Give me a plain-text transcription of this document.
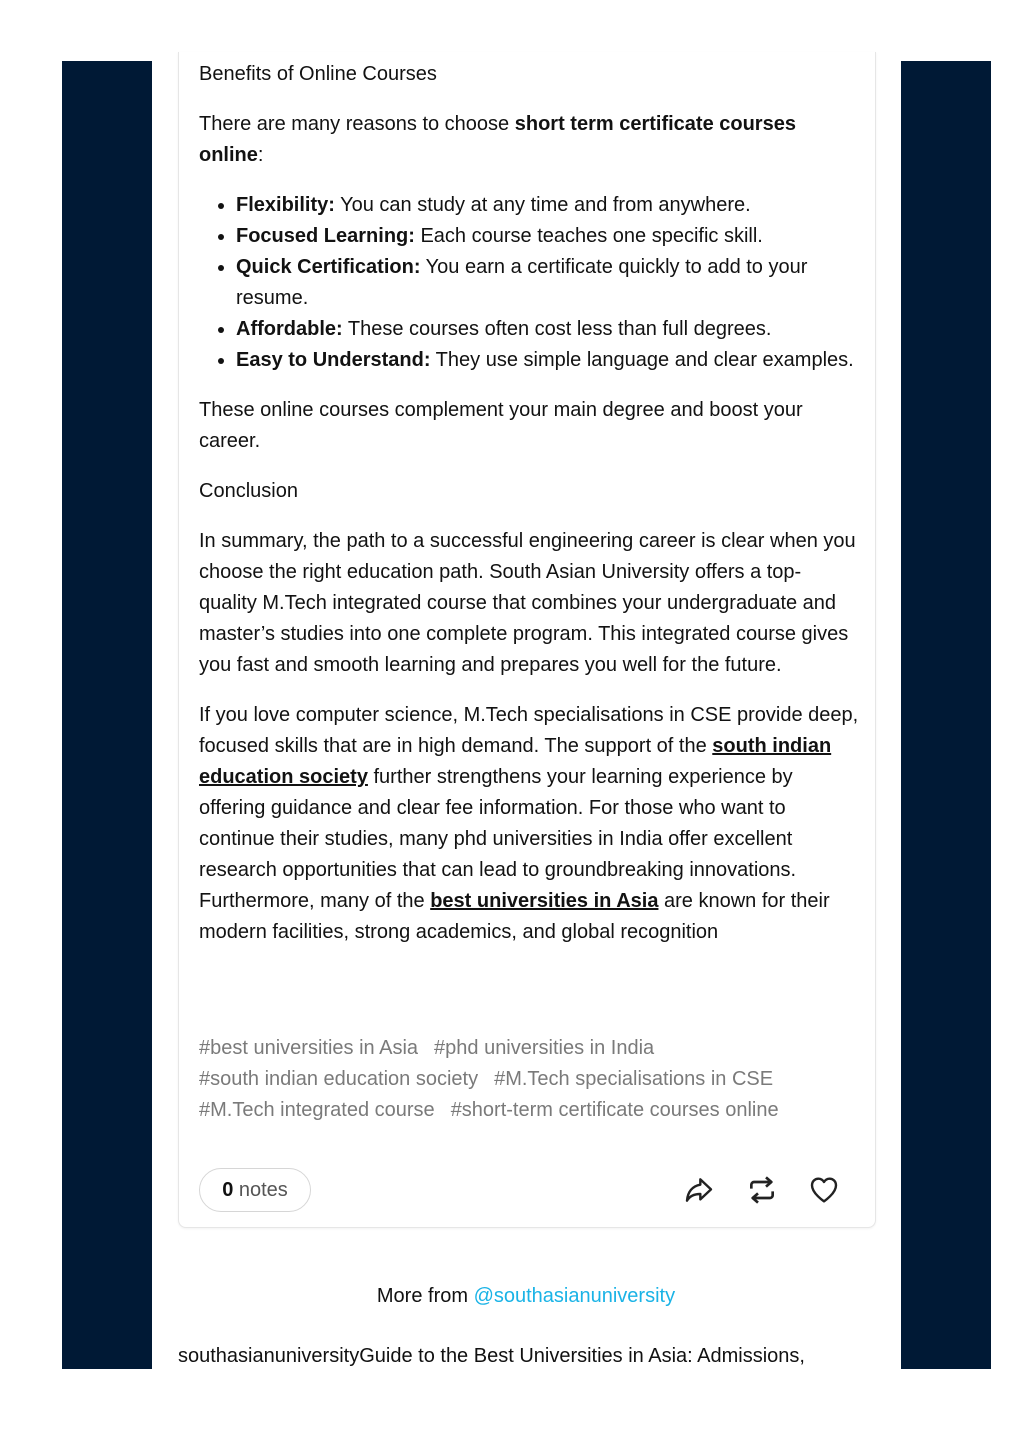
Benefits of Online Courses

There are many reasons to choose short term certificate courses online:

• Flexibility: You can study at any time and from anywhere.
• Focused Learning: Each course teaches one specific skill.
• Quick Certification: You earn a certificate quickly to add to your resume.
• Affordable: These courses often cost less than full degrees.
• Easy to Understand: They use simple language and clear examples.

These online courses complement your main degree and boost your career.

Conclusion

In summary, the path to a successful engineering career is clear when you choose the right education path. South Asian University offers a top-quality M.Tech integrated course that combines your undergraduate and master’s studies into one complete program. This integrated course gives you fast and smooth learning and prepares you well for the future.

If you love computer science, M.Tech specialisations in CSE provide deep, focused skills that are in high demand. The support of the south indian education society further strengthens your learning experience by offering guidance and clear fee information. For those who want to continue their studies, many phd universities in India offer excellent research opportunities that can lead to groundbreaking innovations. Furthermore, many of the best universities in Asia are known for their modern facilities, strong academics, and global recognition

#best universities in Asia #phd universities in India
#south indian education society #M.Tech specialisations in CSE
#M.Tech integrated course #short-term certificate courses online
0 notes
More from @southasianuniversity
southasianuniversityGuide to the Best Universities in Asia: Admissions,
